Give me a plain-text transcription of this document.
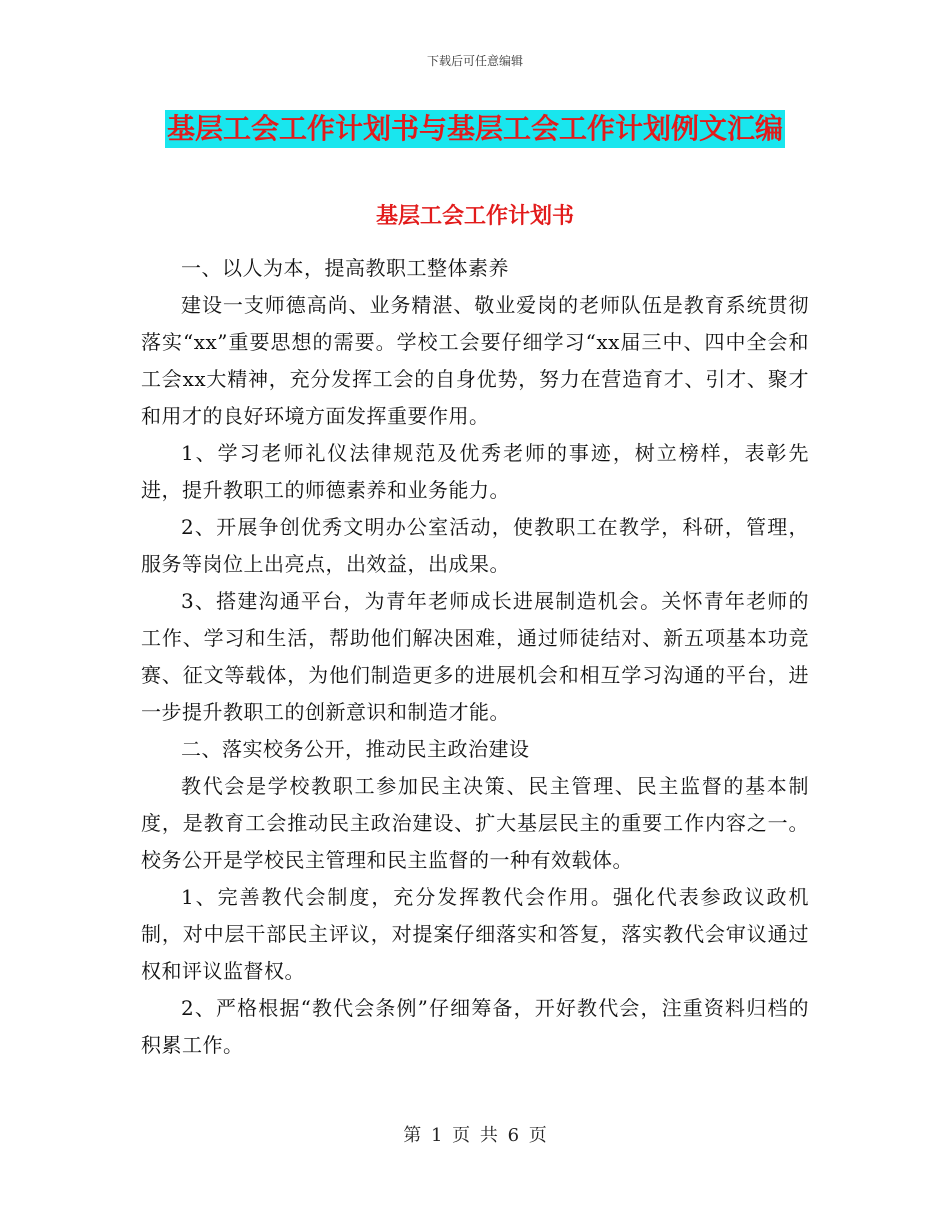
下载后可任意编辑
基层工会工作计划书与基层工会工作计划例文汇编
基层工会工作计划书

一、以人为本，提高教职工整体素养

建设一支师德高尚、业务精湛、敬业爱岗的老师队伍是教育系统贯彻落实“xx”重要思想的需要。学校工会要仔细学习“xx届三中、四中全会和工会xx大精神，充分发挥工会的自身优势，努力在营造育才、引才、聚才和用才的良好环境方面发挥重要作用。

1、学习老师礼仪法律规范及优秀老师的事迹，树立榜样，表彰先进，提升教职工的师德素养和业务能力。

2、开展争创优秀文明办公室活动，使教职工在教学，科研，管理，服务等岗位上出亮点，出效益，出成果。

3、搭建沟通平台，为青年老师成长进展制造机会。关怀青年老师的工作、学习和生活，帮助他们解决困难，通过师徒结对、新五项基本功竞赛、征文等载体，为他们制造更多的进展机会和相互学习沟通的平台，进一步提升教职工的创新意识和制造才能。

二、落实校务公开，推动民主政治建设

教代会是学校教职工参加民主决策、民主管理、民主监督的基本制度，是教育工会推动民主政治建设、扩大基层民主的重要工作内容之一。校务公开是学校民主管理和民主监督的一种有效载体。

1、完善教代会制度，充分发挥教代会作用。强化代表参政议政机制，对中层干部民主评议，对提案仔细落实和答复，落实教代会审议通过权和评议监督权。

2、严格根据“教代会条例”仔细筹备，开好教代会，注重资料归档的积累工作。

第 1 页 共 6 页
